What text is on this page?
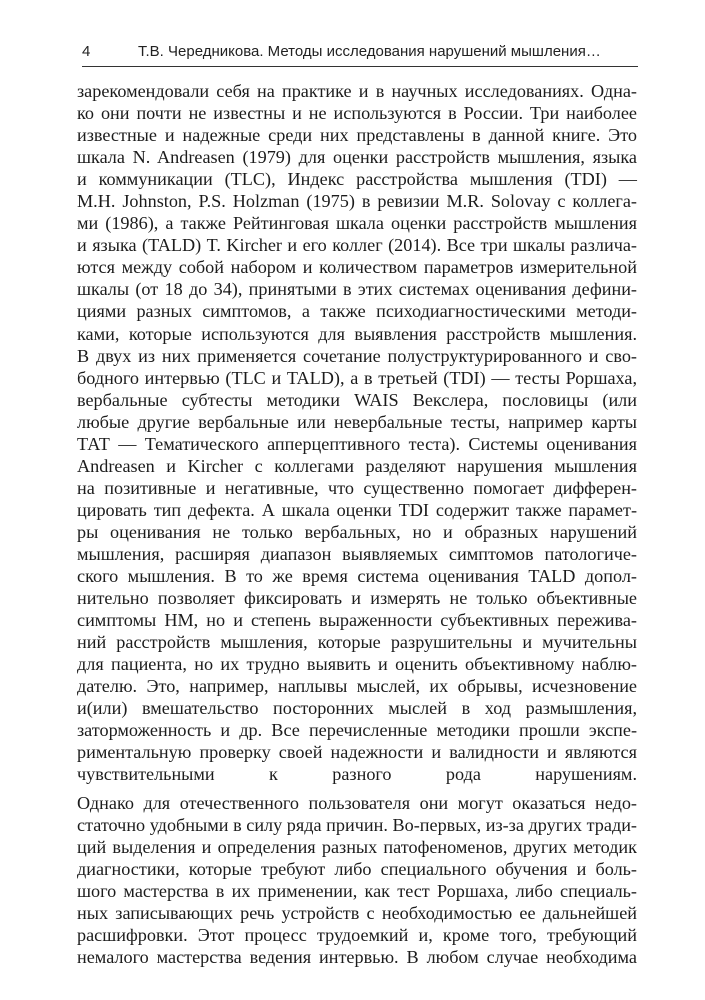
4	Т.В. Чередникова. Методы исследования нарушений мышления…

зарекомендовали себя на практике и в научных исследованиях. Одна-
ко они почти не известны и не используются в России. Три наиболее
известные и надежные среди них представлены в данной книге. Это
шкала N. Andreasen (1979) для оценки расстройств мышления, языка
и коммуникации (TLC), Индекс расстройства мышления (TDI) —
M.H. Johnston, P.S. Holzman (1975) в ревизии M.R. Solovay с коллега-
ми (1986), а также Рейтинговая шкала оценки расстройств мышления
и языка (TALD) T. Kircher и его коллег (2014). Все три шкалы различа-
ются между собой набором и количеством параметров измерительной
шкалы (от 18 до 34), принятыми в этих системах оценивания дефини-
циями разных симптомов, а также психодиагностическими методи-
ками, которые используются для выявления расстройств мышления.
В двух из них применяется сочетание полуструктурированного и сво-
бодного интервью (TLC и TALD), а в третьей (TDI) — тесты Роршаха,
вербальные субтесты методики WAIS Векслера, пословицы (или
любые другие вербальные или невербальные тесты, например карты
ТАТ — Тематического апперцептивного теста). Системы оценивания
Andreasen и Kircher с коллегами разделяют нарушения мышления
на позитивные и негативные, что существенно помогает дифферен-
цировать тип дефекта. А шкала оценки TDI содержит также парамет-
ры оценивания не только вербальных, но и образных нарушений
мышления, расширяя диапазон выявляемых симптомов патологиче-
ского мышления. В то же время система оценивания TALD допол-
нительно позволяет фиксировать и измерять не только объективные
симптомы НМ, но и степень выраженности субъективных пережива-
ний расстройств мышления, которые разрушительны и мучительны
для пациента, но их трудно выявить и оценить объективному наблю-
дателю. Это, например, наплывы мыслей, их обрывы, исчезновение
и(или) вмешательство посторонних мыслей в ход размышления,
заторможенность и др. Все перечисленные методики прошли экспе-
риментальную проверку своей надежности и валидности и являются
чувствительными к разного рода нарушениям.

Однако для отечественного пользователя они могут оказаться недо-
статочно удобными в силу ряда причин. Во-первых, из-за других тради-
ций выделения и определения разных патофеноменов, других методик
диагностики, которые требуют либо специального обучения и боль-
шого мастерства в их применении, как тест Роршаха, либо специаль-
ных записывающих речь устройств с необходимостью ее дальнейшей
расшифровки. Этот процесс трудоемкий и, кроме того, требующий
немалого мастерства ведения интервью. В любом случае необходима
